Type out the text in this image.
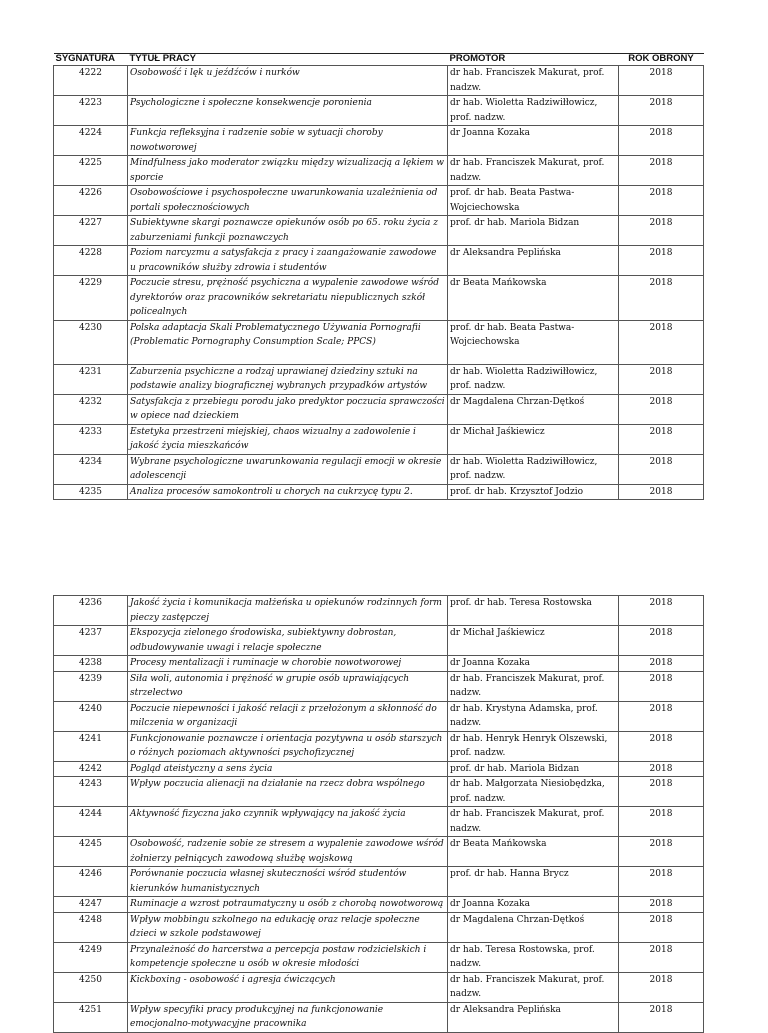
SYGNATURA	TYTUŁ PRACY	PROMOTOR	ROK OBRONY
4222	Osobowość i lęk u jeźdźców i nurków	dr hab. Franciszek Makurat, prof. nadzw.	2018
4223	Psychologiczne i społeczne konsekwencje poronienia	dr hab. Wioletta Radziwiłłowicz, prof. nadzw.	2018
4224	Funkcja refleksyjna i radzenie sobie w sytuacji choroby nowotworowej	dr Joanna Kozaka	2018
4225	Mindfulness jako moderator związku między wizualizacją a lękiem w sporcie	dr hab. Franciszek Makurat, prof. nadzw.	2018
4226	Osobowościowe i psychospołeczne uwarunkowania uzależnienia od portali społecznościowych	prof. dr hab. Beata Pastwa-Wojciechowska	2018
4227	Subiektywne skargi poznawcze opiekunów osób po 65. roku życia z zaburzeniami funkcji poznawczych	prof. dr hab. Mariola Bidzan	2018
4228	Poziom narcyzmu a satysfakcja z pracy i zaangażowanie zawodowe u pracowników służby zdrowia i studentów	dr Aleksandra Peplińska	2018
4229	Poczucie stresu, prężność psychiczna a wypalenie zawodowe wśród dyrektorów oraz pracowników sekretariatu niepublicznych szkół policealnych	dr Beata Mańkowska	2018
4230	Polska adaptacja Skali Problematycznego Używania Pornografii (Problematic Pornography Consumption Scale; PPCS)	prof. dr hab. Beata Pastwa-Wojciechowska	2018
4231	Zaburzenia psychiczne a rodzaj uprawianej dziedziny sztuki na podstawie analizy biograficznej wybranych przypadków artystów	dr hab. Wioletta Radziwiłłowicz, prof. nadzw.	2018
4232	Satysfakcja z przebiegu porodu jako predyktor poczucia sprawczości w opiece nad dzieckiem	dr Magdalena Chrzan-Dętkoś	2018
4233	Estetyka przestrzeni miejskiej, chaos wizualny a zadowolenie i jakość życia mieszkańców	dr Michał Jaśkiewicz	2018
4234	Wybrane psychologiczne uwarunkowania regulacji emocji w okresie adolescencji	dr hab. Wioletta Radziwiłłowicz, prof. nadzw.	2018
4235	Analiza procesów samokontroli u chorych na cukrzycę typu 2.	prof. dr hab. Krzysztof Jodzio	2018
4236	Jakość życia i komunikacja małżeńska u opiekunów rodzinnych form pieczy zastępczej	prof. dr hab. Teresa Rostowska	2018
4237	Ekspozycja zielonego środowiska, subiektywny dobrostan, odbudowywanie uwagi i relacje społeczne	dr Michał Jaśkiewicz	2018
4238	Procesy mentalizacji i ruminacje w chorobie nowotworowej	dr Joanna Kozaka	2018
4239	Siła woli, autonomia i prężność w grupie osób uprawiających strzelectwo	dr hab. Franciszek Makurat, prof. nadzw.	2018
4240	Poczucie niepewności i jakość relacji z przełożonym a skłonność do milczenia w organizacji	dr hab. Krystyna Adamska, prof. nadzw.	2018
4241	Funkcjonowanie poznawcze i orientacja pozytywna u osób starszych o różnych poziomach aktywności psychofizycznej	dr hab. Henryk Henryk Olszewski, prof. nadzw.	2018
4242	Pogląd ateistyczny a sens życia	prof. dr hab. Mariola Bidzan	2018
4243	Wpływ poczucia alienacji na działanie na rzecz dobra wspólnego	dr hab. Małgorzata Niesiobędzka, prof. nadzw.	2018
4244	Aktywność fizyczna jako czynnik wpływający na jakość życia	dr hab. Franciszek Makurat, prof. nadzw.	2018
4245	Osobowość, radzenie sobie ze stresem a wypalenie zawodowe wśród żołnierzy pełniących zawodową służbę wojskową	dr Beata Mańkowska	2018
4246	Porównanie poczucia własnej skuteczności wśród studentów kierunków humanistycznych	prof. dr hab. Hanna Brycz	2018
4247	Ruminacje a wzrost potraumatyczny u osób z chorobą nowotworową	dr Joanna Kozaka	2018
4248	Wpływ mobbingu szkolnego na edukację oraz relacje społeczne dzieci w szkole podstawowej	dr Magdalena Chrzan-Dętkoś	2018
4249	Przynależność do harcerstwa a percepcja postaw rodzicielskich i kompetencje społeczne u osób w okresie młodości	dr hab. Teresa Rostowska, prof. nadzw.	2018
4250	Kickboxing - osobowość i agresja ćwiczących	dr hab. Franciszek Makurat, prof. nadzw.	2018
4251	Wpływ specyfiki pracy produkcyjnej na funkcjonowanie emocjonalno-motywacyjne pracownika	dr Aleksandra Peplińska	2018
